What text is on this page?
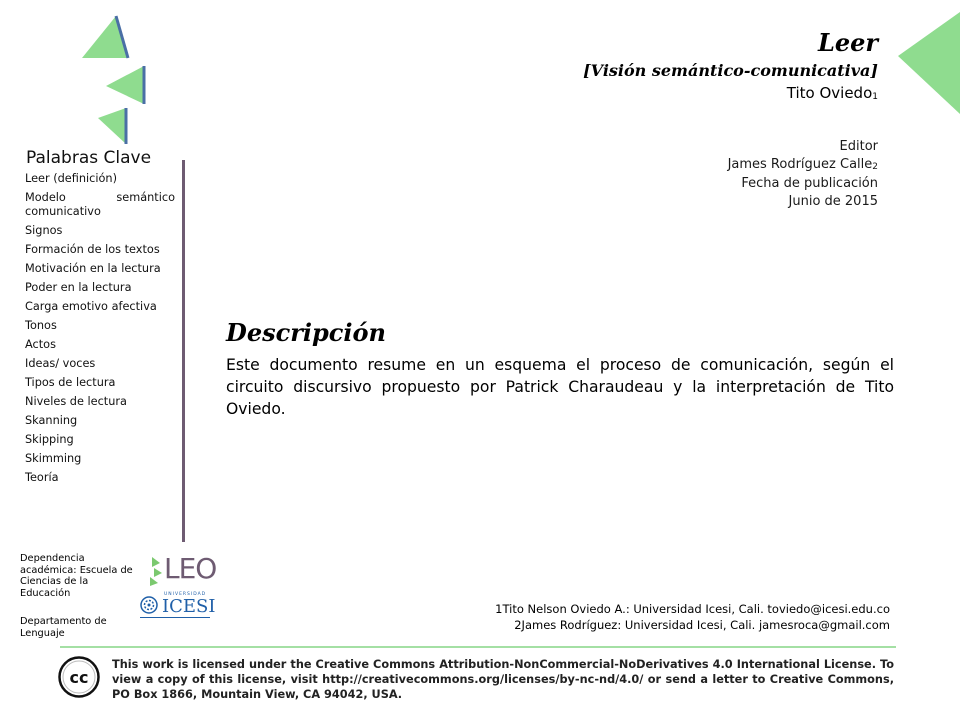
Leer
[Visión semántico-comunicativa]
Tito Oviedo$_1$
Editor
James Rodríguez Calle$_2$
Fecha de publicación
Junio de 2015
Palabras Clave
Leer (definición)
Modelo semántico comunicativo
Signos
Formación de los textos
Motivación en la lectura
Poder en la lectura
Carga emotivo afectiva
Tonos
Actos
Ideas/ voces
Tipos de lectura
Niveles de lectura
Skanning
Skipping
Skimming
Teoría
Dependencia académica: Escuela de Ciencias de la Educación
Departamento de Lenguaje
LEO
UNIVERSIDAD
ICESI
Descripción
Este documento resume en un esquema el proceso de comunicación, según el circuito discursivo propuesto por Patrick Charaudeau y la interpretación de Tito Oviedo.
1Tito Nelson Oviedo A.: Universidad Icesi, Cali. toviedo@icesi.edu.co
2James Rodríguez: Universidad Icesi, Cali. jamesroca@gmail.com
cc
This work is licensed under the Creative Commons Attribution-NonCommercial-NoDerivatives 4.0 International License. To view a copy of this license, visit http://creativecommons.org/licenses/by-nc-nd/4.0/ or send a letter to Creative Commons, PO Box 1866, Mountain View, CA 94042, USA.
